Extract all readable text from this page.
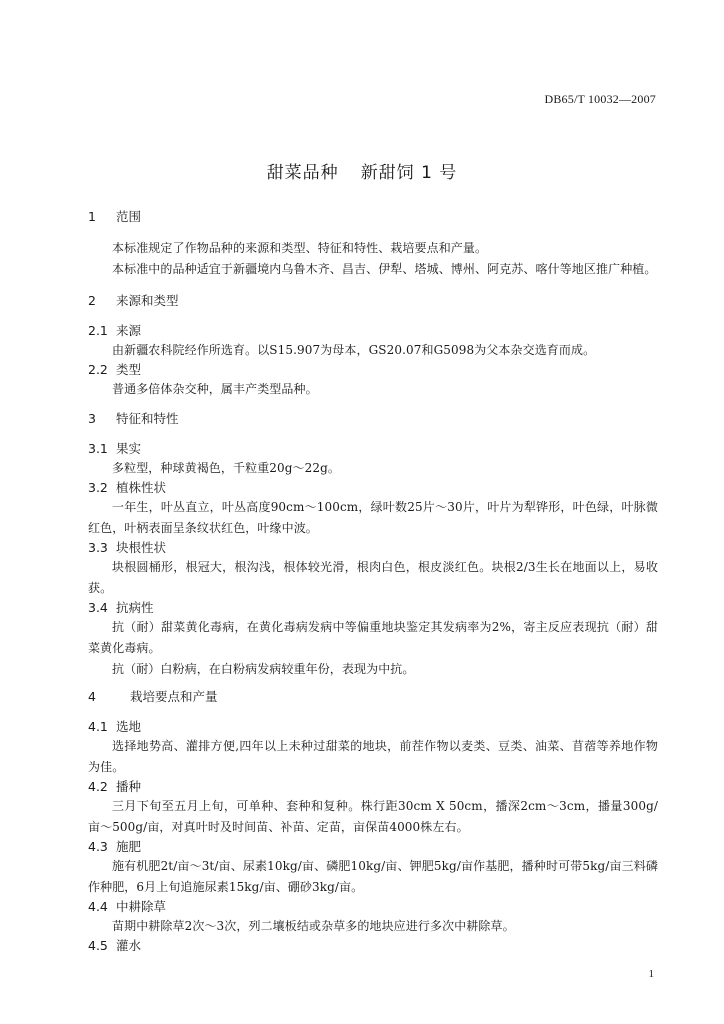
DB65/T 10032—2007
甜菜品种 新甜饲 1 号

1 范围

本标准规定了作物品种的来源和类型、特征和特性、栽培要点和产量。

本标准中的品种适宜于新疆境内乌鲁木齐、昌吉、伊犁、塔城、博州、阿克苏、喀什等地区推广种植。

2 来源和类型

2.1 来源

由新疆农科院经作所选育。以S15.907为母本，GS20.07和G5098为父本杂交选育而成。

2.2 类型

普通多倍体杂交种，属丰产类型品种。

3 特征和特性

3.1 果实

多粒型，种球黄褐色，千粒重20g～22g。

3.2 植株性状

一年生，叶丛直立，叶丛高度90cm～100cm，绿叶数25片～30片，叶片为犁铧形，叶色绿，叶脉微红色，叶柄表面呈条纹状红色，叶缘中波。

3.3 块根性状

块根圆桶形，根冠大，根沟浅，根体较光滑，根肉白色，根皮淡红色。块根2/3生长在地面以上，易收获。

3.4 抗病性

抗（耐）甜菜黄化毒病，在黄化毒病发病中等偏重地块鉴定其发病率为2%，寄主反应表现抗（耐）甜菜黄化毒病。

抗（耐）白粉病，在白粉病发病较重年份，表现为中抗。

4	栽培要点和产量

4.1 选地

选择地势高、灌排方便,四年以上未种过甜菜的地块，前茬作物以麦类、豆类、油菜、苜蓿等养地作物为佳。

4.2 播种

三月下旬至五月上旬，可单种、套种和复种。株行距30cm X 50cm，播深2cm～3cm，播量300g/亩～500g/亩，对真叶时及时间苗、补苗、定苗，亩保苗4000株左右。

4.3 施肥

施有机肥2t/亩～3t/亩、尿素10kg/亩、磷肥10kg/亩、钾肥5kg/亩作基肥，播种时可带5kg/亩三料磷作种肥，6月上旬追施尿素15kg/亩、硼砂3kg/亩。

4.4 中耕除草

苗期中耕除草2次～3次，列二壤板结或杂草多的地块应进行多次中耕除草。

4.5 灌水

1
